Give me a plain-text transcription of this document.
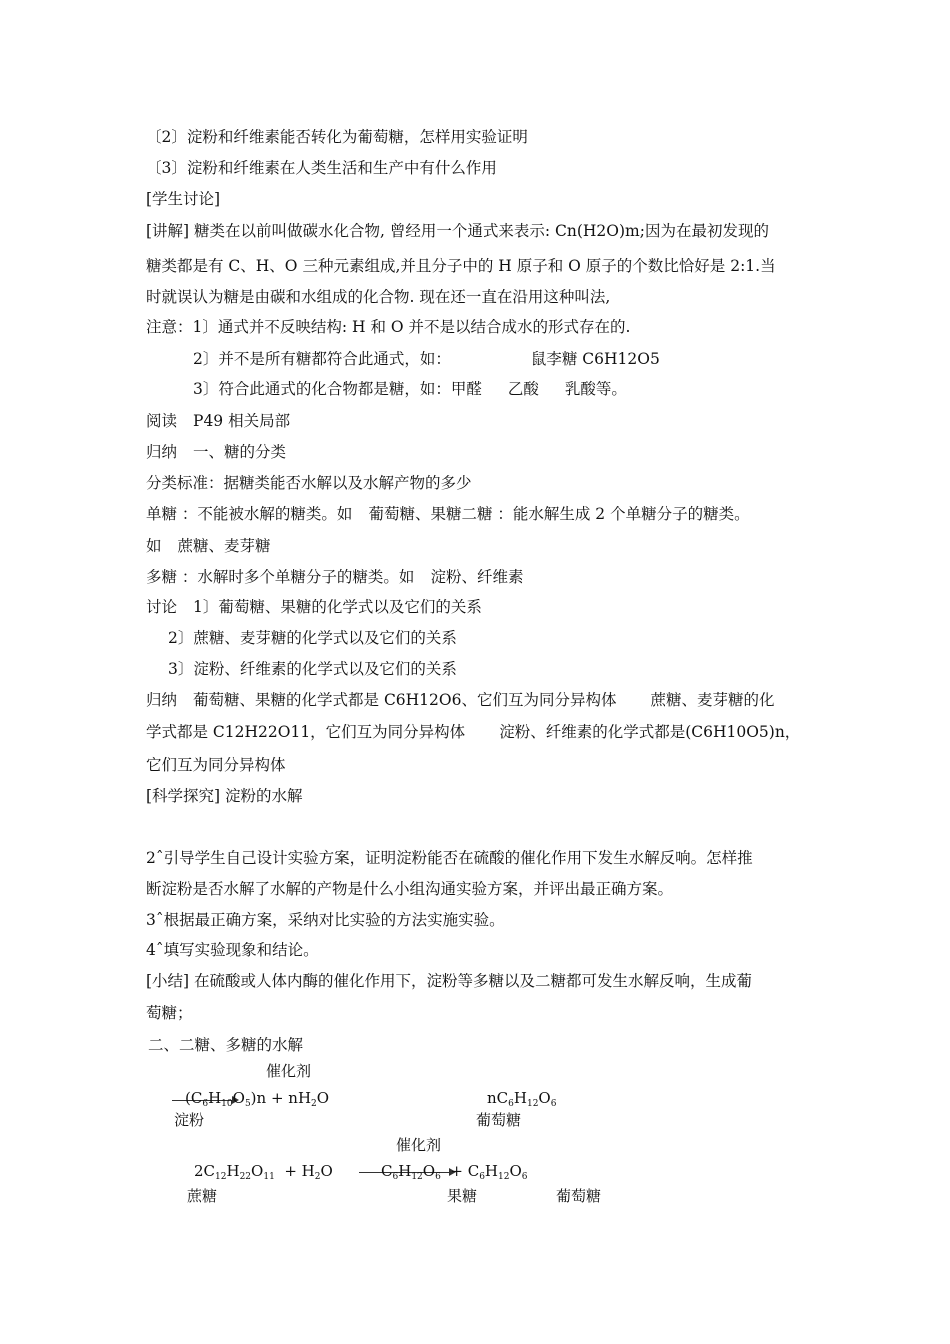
〔2〕淀粉和纤维素能否转化为葡萄糖，怎样用实验证明
〔3〕淀粉和纤维素在人类生活和生产中有什么作用
[学生讨论]
[讲解] 糖类在以前叫做碳水化合物, 曾经用一个通式来表示: Cn(H2O)m;因为在最初发现的
糖类都是有 C、H、O 三种元素组成,并且分子中的 H 原子和 O 原子的个数比恰好是 2:1.当
时就误认为糖是由碳和水组成的化合物. 现在还一直在沿用这种叫法,
注意：1〕通式并不反映结构: H 和 O 并不是以结合成水的形式存在的.
2〕并不是所有糖都符合此通式，如：	鼠李糖 C6H12O5
3〕符合此通式的化合物都是糖，如：甲醛 乙酸 乳酸等。
阅读 P49 相关局部
归纳 一、糖的分类
分类标准：据糖类能否水解以及水解产物的多少
单糖 ：不能被水解的糖类。如 葡萄糖、果糖二糖 ：能水解生成 2 个单糖分子的糖类。
如 蔗糖、麦芽糖
多糖 ：水解时多个单糖分子的糖类。如 淀粉、纤维素
讨论 1〕葡萄糖、果糖的化学式以及它们的关系
2〕蔗糖、麦芽糖的化学式以及它们的关系
3〕淀粉、纤维素的化学式以及它们的关系
归纳 葡萄糖、果糖的化学式都是 C6H12O6、它们互为同分异构体 蔗糖、麦芽糖的化
学式都是 C12H22O11，它们互为同分异构体 淀粉、纤维素的化学式都是(C6H10O5)n，
它们互为同分异构体
[科学探究] 淀粉的水解
2ˆ引导学生自己设计实验方案，证明淀粉能否在硫酸的催化作用下发生水解反响。怎样推
断淀粉是否水解了水解的产物是什么小组沟通实验方案，并评出最正确方案。
3ˆ根据最正确方案，采纳对比实验的方法实施实验。
4ˆ填写实验现象和结论。
[小结] 在硫酸或人体内酶的催化作用下，淀粉等多糖以及二糖都可发生水解反响，生成葡
萄糖；
二、二糖、多糖的水解
催化剂
$(C_6H_{10}O_5)n + nH_2O$	$nC_6H_{12}O_6$
淀粉	葡萄糖
催化剂
$2C_{12}H_{22}O_{11} + H_2O$	$C_6H_{12}O_6 + C_6H_{12}O_6$
蔗糖	果糖	葡萄糖
